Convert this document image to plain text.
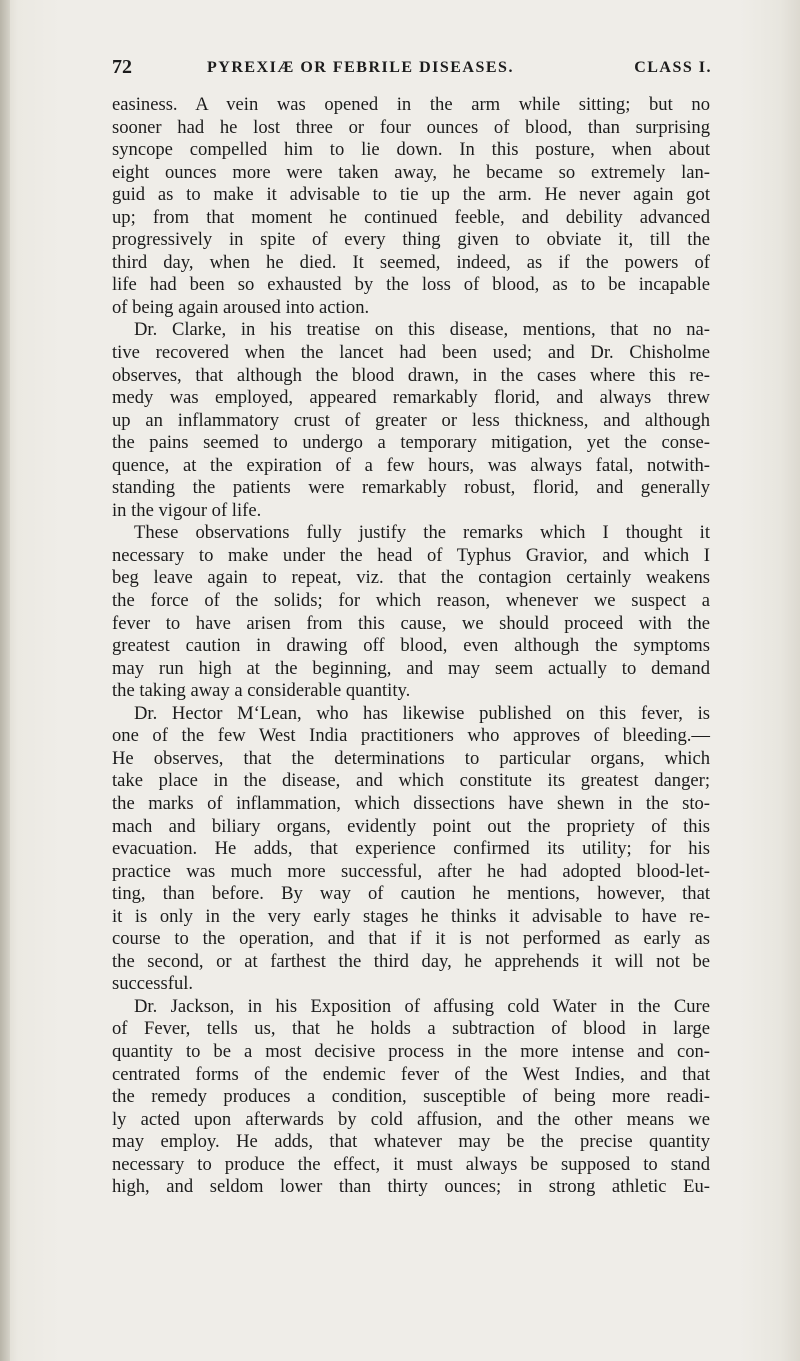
72	PYREXIÆ OR FEBRILE DISEASES.	CLASS I.
easiness. A vein was opened in the arm while sitting; but no
sooner had he lost three or four ounces of blood, than surprising
syncope compelled him to lie down. In this posture, when about
eight ounces more were taken away, he became so extremely lan-
guid as to make it advisable to tie up the arm. He never again got
up; from that moment he continued feeble, and debility advanced
progressively in spite of every thing given to obviate it, till the
third day, when he died. It seemed, indeed, as if the powers of
life had been so exhausted by the loss of blood, as to be incapable
of being again aroused into action.
Dr. Clarke, in his treatise on this disease, mentions, that no na-
tive recovered when the lancet had been used; and Dr. Chisholme
observes, that although the blood drawn, in the cases where this re-
medy was employed, appeared remarkably florid, and always threw
up an inflammatory crust of greater or less thickness, and although
the pains seemed to undergo a temporary mitigation, yet the conse-
quence, at the expiration of a few hours, was always fatal, notwith-
standing the patients were remarkably robust, florid, and generally
in the vigour of life.
These observations fully justify the remarks which I thought it
necessary to make under the head of Typhus Gravior, and which I
beg leave again to repeat, viz. that the contagion certainly weakens
the force of the solids; for which reason, whenever we suspect a
fever to have arisen from this cause, we should proceed with the
greatest caution in drawing off blood, even although the symptoms
may run high at the beginning, and may seem actually to demand
the taking away a considerable quantity.
Dr. Hector M‘Lean, who has likewise published on this fever, is
one of the few West India practitioners who approves of bleeding.—
He observes, that the determinations to particular organs, which
take place in the disease, and which constitute its greatest danger;
the marks of inflammation, which dissections have shewn in the sto-
mach and biliary organs, evidently point out the propriety of this
evacuation. He adds, that experience confirmed its utility; for his
practice was much more successful, after he had adopted blood-let-
ting, than before. By way of caution he mentions, however, that
it is only in the very early stages he thinks it advisable to have re-
course to the operation, and that if it is not performed as early as
the second, or at farthest the third day, he apprehends it will not be
successful.
Dr. Jackson, in his Exposition of affusing cold Water in the Cure
of Fever, tells us, that he holds a subtraction of blood in large
quantity to be a most decisive process in the more intense and con-
centrated forms of the endemic fever of the West Indies, and that
the remedy produces a condition, susceptible of being more readi-
ly acted upon afterwards by cold affusion, and the other means we
may employ. He adds, that whatever may be the precise quantity
necessary to produce the effect, it must always be supposed to stand
high, and seldom lower than thirty ounces; in strong athletic Eu-
